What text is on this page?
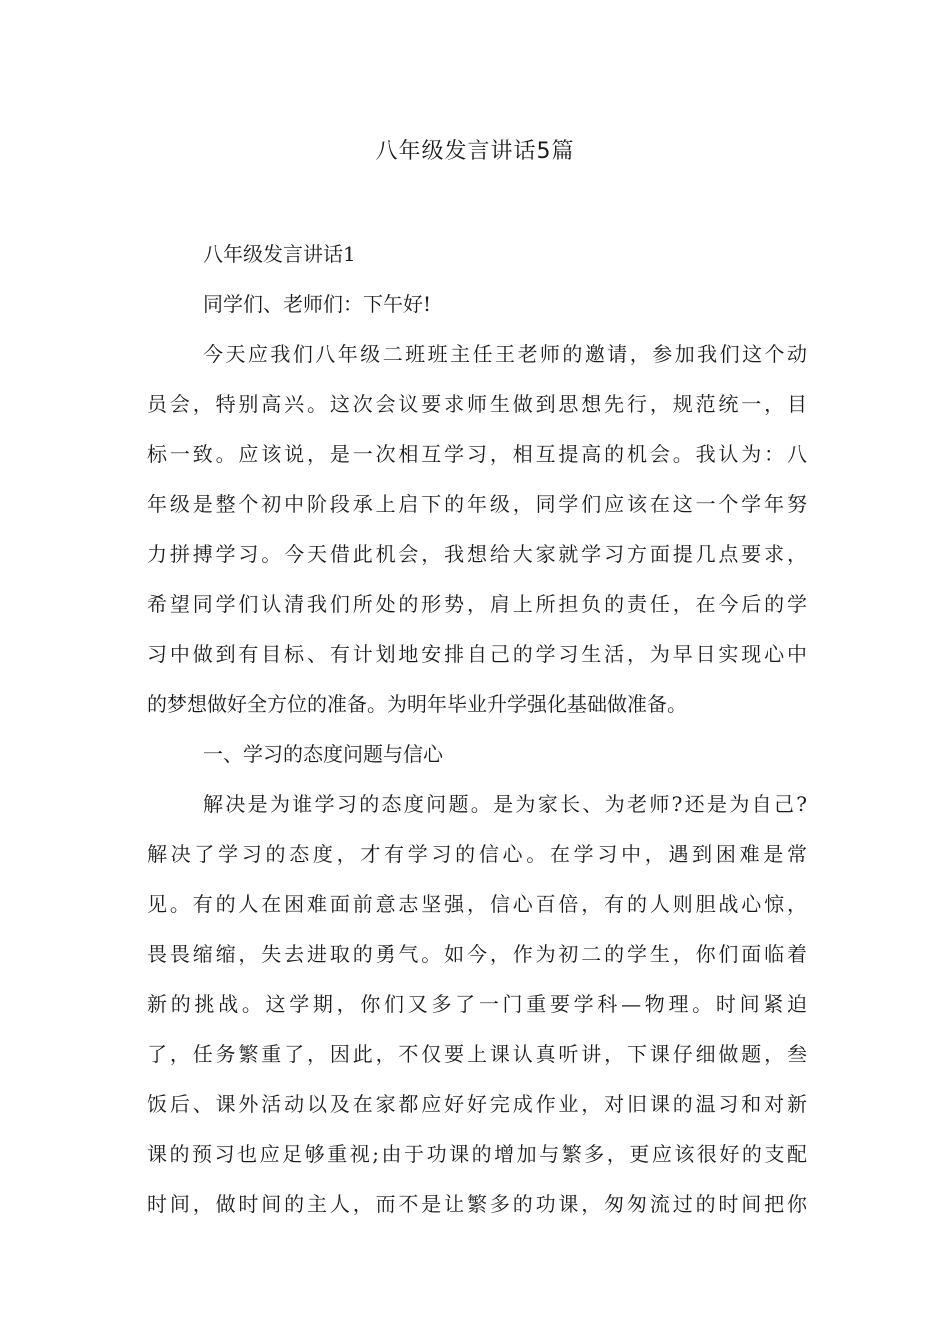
八年级发言讲话5篇

八年级发言讲话1

同学们、老师们：下午好!

今天应我们八年级二班班主任王老师的邀请，参加我们这个动
员会，特别高兴。这次会议要求师生做到思想先行，规范统一，目
标一致。应该说，是一次相互学习，相互提高的机会。我认为：八
年级是整个初中阶段承上启下的年级，同学们应该在这一个学年努
力拼搏学习。今天借此机会，我想给大家就学习方面提几点要求，
希望同学们认清我们所处的形势，肩上所担负的责任，在今后的学
习中做到有目标、有计划地安排自己的学习生活，为早日实现心中
的梦想做好全方位的准备。为明年毕业升学强化基础做准备。

一、学习的态度问题与信心

解决是为谁学习的态度问题。是为家长、为老师?还是为自己?
解决了学习的态度，才有学习的信心。在学习中，遇到困难是常
见。有的人在困难面前意志坚强，信心百倍，有的人则胆战心惊，
畏畏缩缩，失去进取的勇气。如今，作为初二的学生，你们面临着
新的挑战。这学期，你们又多了一门重要学科—物理。时间紧迫
了，任务繁重了，因此，不仅要上课认真听讲，下课仔细做题，叁
饭后、课外活动以及在家都应好好完成作业，对旧课的温习和对新
课的预习也应足够重视;由于功课的增加与繁多，更应该很好的支配
时间，做时间的主人，而不是让繁多的功课，匆匆流过的时间把你
